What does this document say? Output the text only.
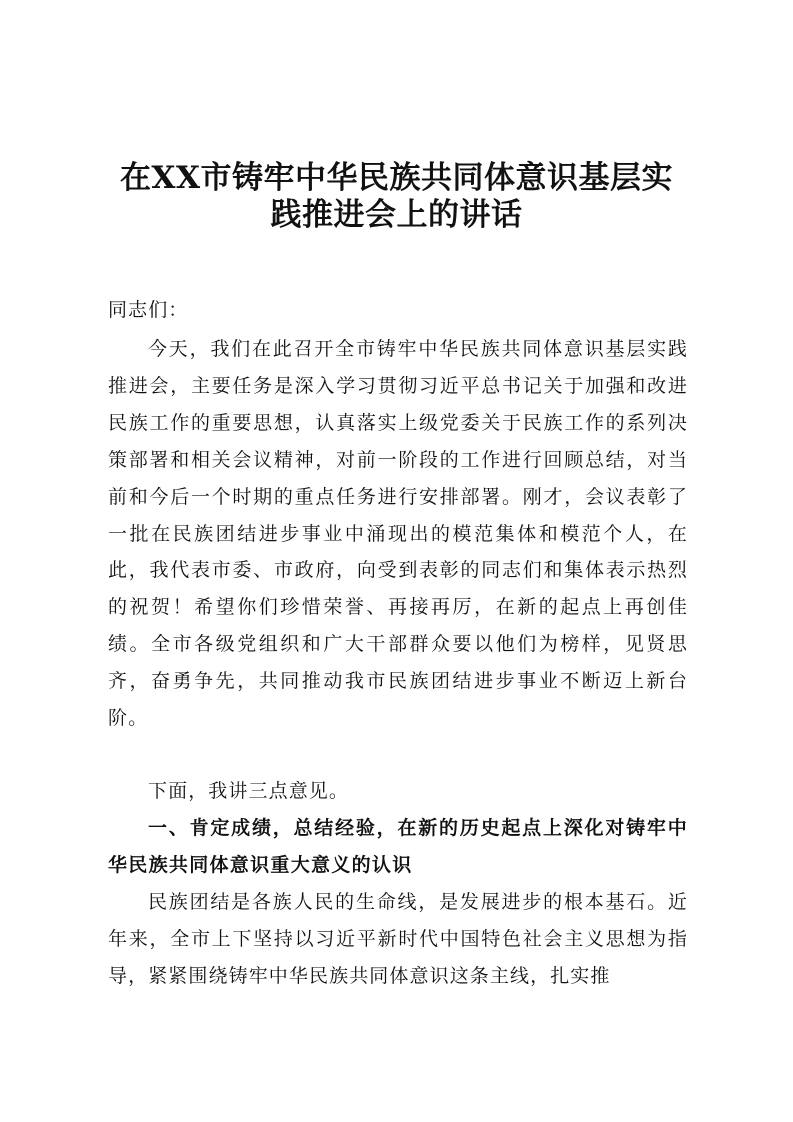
在XX市铸牢中华民族共同体意识基层实
践推进会上的讲话

同志们：

今天，我们在此召开全市铸牢中华民族共同体意识基层实践推进会，主要任务是深入学习贯彻习近平总书记关于加强和改进民族工作的重要思想，认真落实上级党委关于民族工作的系列决策部署和相关会议精神，对前一阶段的工作进行回顾总结，对当前和今后一个时期的重点任务进行安排部署。刚才，会议表彰了一批在民族团结进步事业中涌现出的模范集体和模范个人，在此，我代表市委、市政府，向受到表彰的同志们和集体表示热烈的祝贺！希望你们珍惜荣誉、再接再厉，在新的起点上再创佳绩。全市各级党组织和广大干部群众要以他们为榜样，见贤思齐，奋勇争先，共同推动我市民族团结进步事业不断迈上新台阶。

下面，我讲三点意见。

一、肯定成绩，总结经验，在新的历史起点上深化对铸牢中华民族共同体意识重大意义的认识

民族团结是各族人民的生命线，是发展进步的根本基石。近年来，全市上下坚持以习近平新时代中国特色社会主义思想为指导，紧紧围绕铸牢中华民族共同体意识这条主线，扎实推
